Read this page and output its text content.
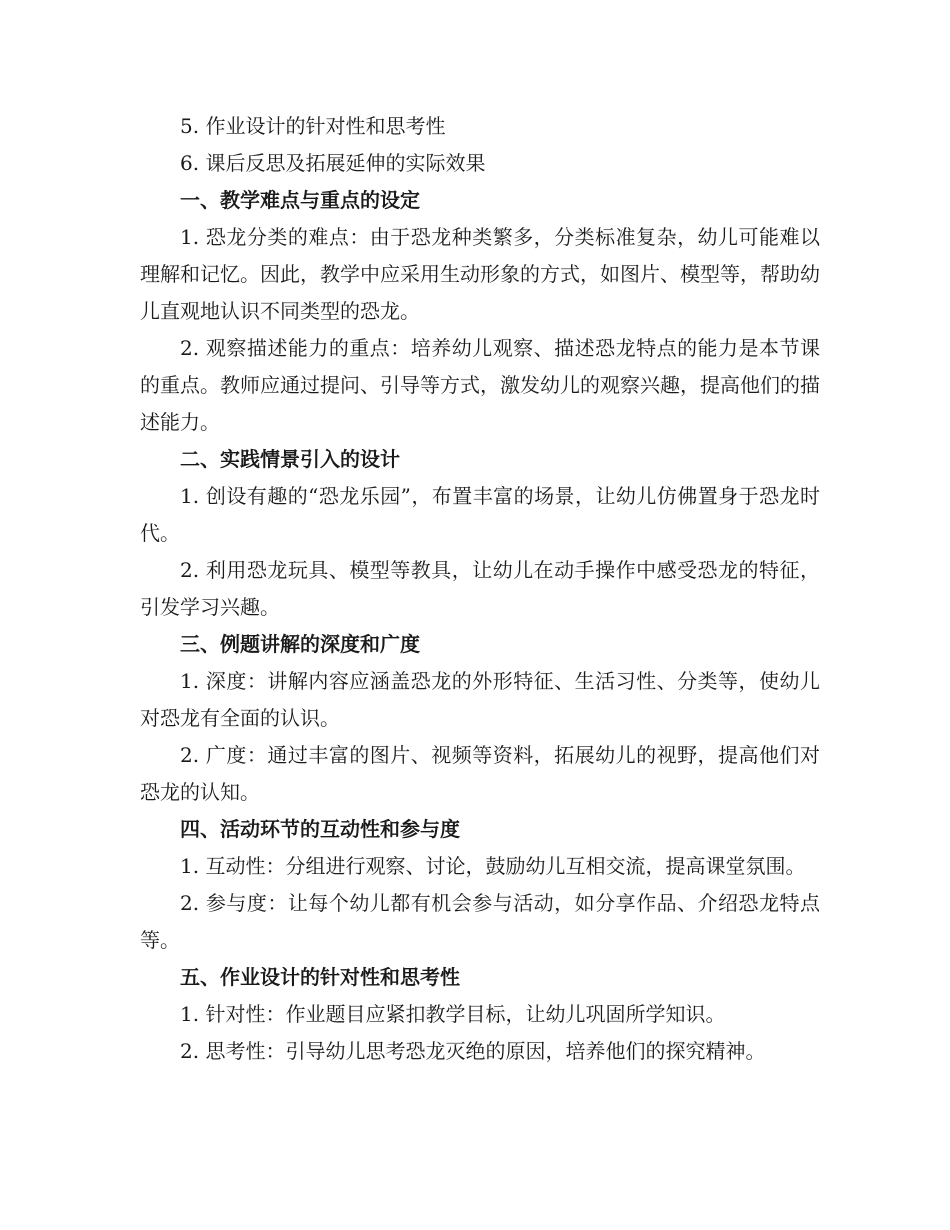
5. 作业设计的针对性和思考性

6. 课后反思及拓展延伸的实际效果

一、教学难点与重点的设定

1. 恐龙分类的难点：由于恐龙种类繁多，分类标准复杂，幼儿可能难以理解和记忆。因此，教学中应采用生动形象的方式，如图片、模型等，帮助幼儿直观地认识不同类型的恐龙。

2. 观察描述能力的重点：培养幼儿观察、描述恐龙特点的能力是本节课的重点。教师应通过提问、引导等方式，激发幼儿的观察兴趣，提高他们的描述能力。

二、实践情景引入的设计

1. 创设有趣的“恐龙乐园”，布置丰富的场景，让幼儿仿佛置身于恐龙时代。

2. 利用恐龙玩具、模型等教具，让幼儿在动手操作中感受恐龙的特征，引发学习兴趣。

三、例题讲解的深度和广度

1. 深度：讲解内容应涵盖恐龙的外形特征、生活习性、分类等，使幼儿对恐龙有全面的认识。

2. 广度：通过丰富的图片、视频等资料，拓展幼儿的视野，提高他们对恐龙的认知。

四、活动环节的互动性和参与度

1. 互动性：分组进行观察、讨论，鼓励幼儿互相交流，提高课堂氛围。

2. 参与度：让每个幼儿都有机会参与活动，如分享作品、介绍恐龙特点等。

五、作业设计的针对性和思考性

1. 针对性：作业题目应紧扣教学目标，让幼儿巩固所学知识。

2. 思考性：引导幼儿思考恐龙灭绝的原因，培养他们的探究精神。
